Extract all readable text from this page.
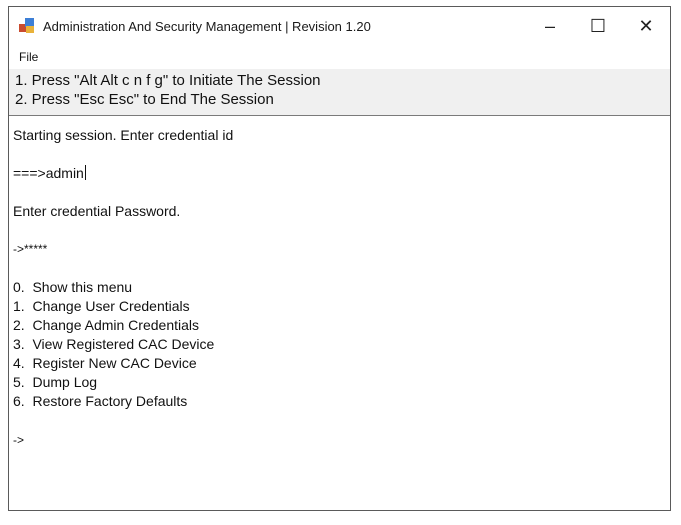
Administration And Security Management | Revision 1.20	–	☐	✕
File
1. Press "Alt Alt c n f g" to Initiate The Session
2. Press "Esc Esc" to End The Session
Starting session. Enter credential id
===>admin
Enter credential Password.
->*****
0.  Show this menu
1.  Change User Credentials
2.  Change Admin Credentials
3.  View Registered CAC Device
4.  Register New CAC Device
5.  Dump Log
6.  Restore Factory Defaults
->
